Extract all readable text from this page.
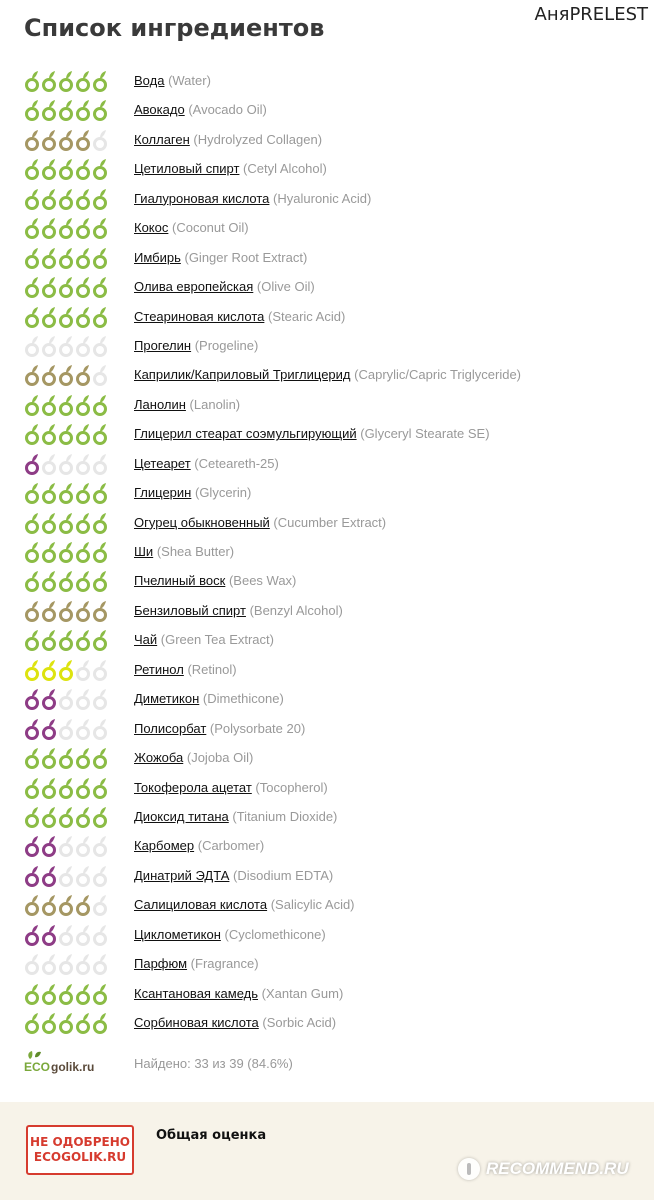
Список ингредиентов	АняPRELEST
Вода (Water)
Авокадо (Avocado Oil)
Коллаген (Hydrolyzed Collagen)
Цетиловый спирт (Cetyl Alcohol)
Гиалуроновая кислота (Hyaluronic Acid)
Кокос (Coconut Oil)
Имбирь (Ginger Root Extract)
Олива европейская (Olive Oil)
Стеариновая кислота (Stearic Acid)
Прогелин (Progeline)
Каприлик/Каприловый Триглицерид (Caprylic/Capric Triglyceride)
Ланолин (Lanolin)
Глицерил стеарат соэмульгирующий (Glyceryl Stearate SE)
Цетеарет (Ceteareth-25)
Глицерин (Glycerin)
Огурец обыкновенный (Cucumber Extract)
Ши (Shea Butter)
Пчелиный воск (Bees Wax)
Бензиловый спирт (Benzyl Alcohol)
Чай (Green Tea Extract)
Ретинол (Retinol)
Диметикон (Dimethicone)
Полисорбат (Polysorbate 20)
Жожоба (Jojoba Oil)
Токоферола ацетат (Tocopherol)
Диоксид титана (Titanium Dioxide)
Карбомер (Carbomer)
Динатрий ЭДТА (Disodium EDTA)
Салициловая кислота (Salicylic Acid)
Циклометикон (Cyclomethicone)
Парфюм (Fragrance)
Ксантановая камедь (Xantan Gum)
Сорбиновая кислота (Sorbic Acid)
ECO golik.ru	Найдено: 33 из 39 (84.6%)
НЕ ОДОБРЕНО
ECOGOLIK.RU
Общая оценка
RECOMMEND.RU
